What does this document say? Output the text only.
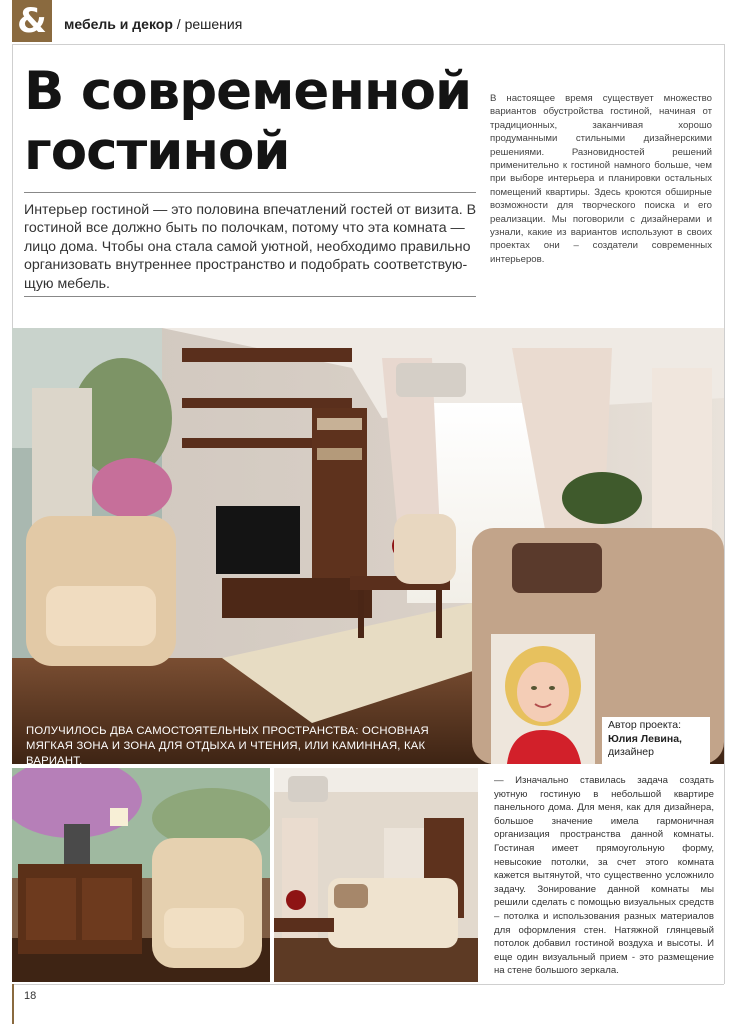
&	мебель и декор / решения
В современной
гостиной
Интерьер гостиной — это половина впечатлений гостей от визита. В гостиной все должно быть по полочкам, потому что эта комната — лицо дома. Чтобы она стала самой уютной, необходимо правильно организовать внутреннее пространство и подобрать соответствую-щую мебель.
В настоящее время существует множество вариантов обустройства гостиной, начиная от традиционных, заканчивая хорошо продуманными стильными дизайнерскими решениями. Разновидностей решений применительно к гостиной намного больше, чем при выборе интерьера и планировки остальных помещений квартиры. Здесь кроются обширные возможности для творческого поиска и его реализации. Мы поговорили с дизайнерами и узнали, какие из вариантов используют в своих проектах они – создатели современных интерьеров.
ПОЛУЧИЛОСЬ ДВА САМОСТОЯТЕЛЬНЫХ ПРОСТРАНСТВА: ОСНОВНАЯ МЯГКАЯ ЗОНА И ЗОНА ДЛЯ ОТДЫХА И ЧТЕНИЯ, ИЛИ КАМИННАЯ, КАК ВАРИАНТ.
Автор проекта:
Юлия Левина,
дизайнер
— Изначально ставилась задача создать уютную гостиную в небольшой квартире панельного дома. Для меня, как для дизайнера, большое значение имела гармоничная организация пространства данной комнаты. Гостиная имеет прямоугольную форму, невысокие потолки, за счет этого комната кажется вытянутой, что существенно усложнило задачу. Зонирование данной комнаты мы решили сделать с помощью визуальных средств – потолка и использования разных материалов для оформления стен. Натяжной глянцевый потолок добавил гостиной воздуха и высоты. И еще один визуальный прием - это размещение на стене большого зеркала.
18
